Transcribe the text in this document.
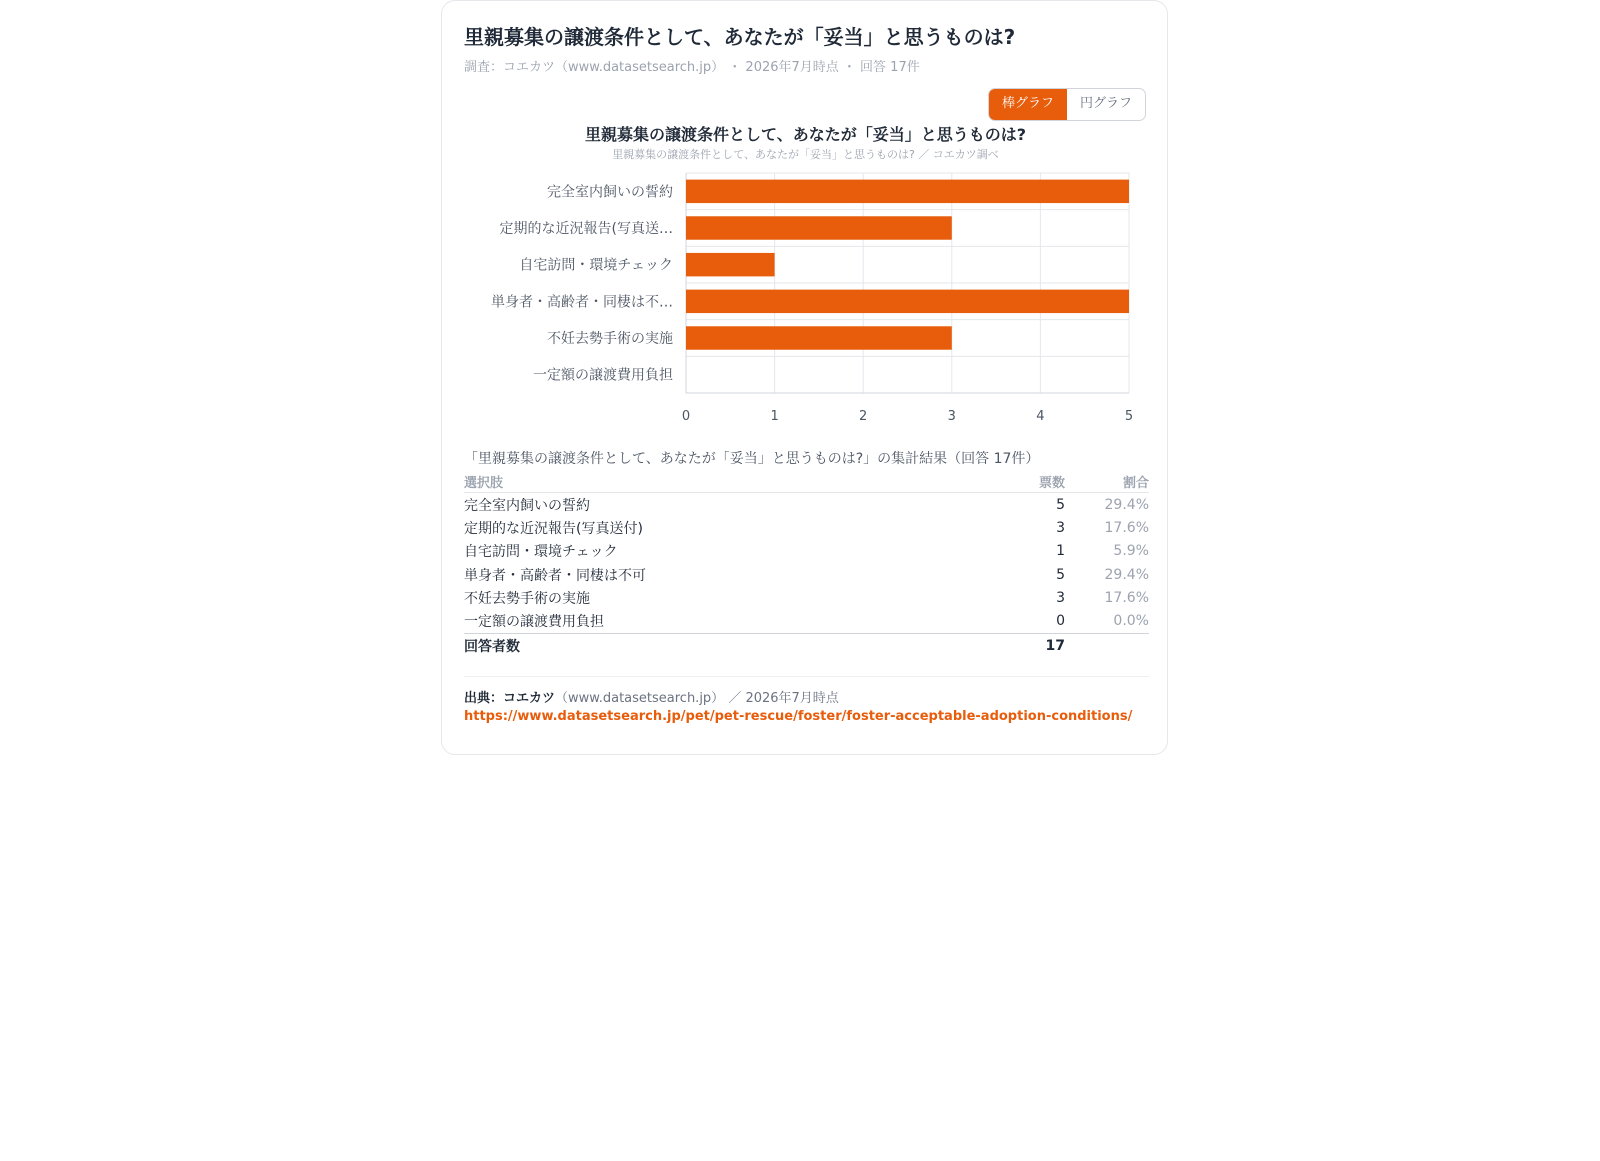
里親募集の譲渡条件として、あなたが「妥当」と思うものは?
調査：コエカツ（www.datasetsearch.jp） ・ 2026年7月時点 ・ 回答 17件
棒グラフ	円グラフ
里親募集の譲渡条件として、あなたが「妥当」と思うものは?
里親募集の譲渡条件として、あなたが「妥当」と思うものは? ／ コエカツ調べ
0	1	2	3	4	5
完全室内飼いの誓約
定期的な近況報告(写真送…
自宅訪問・環境チェック
単身者・高齢者・同棲は不…
不妊去勢手術の実施
一定額の譲渡費用負担
「里親募集の譲渡条件として、あなたが「妥当」と思うものは?」の集計結果（回答 17件）
選択肢	票数	割合
完全室内飼いの誓約	5	29.4%
定期的な近況報告(写真送付)	3	17.6%
自宅訪問・環境チェック	1	5.9%
単身者・高齢者・同棲は不可	5	29.4%
不妊去勢手術の実施	3	17.6%
一定額の譲渡費用負担	0	0.0%
回答者数	17	
出典：コエカツ（www.datasetsearch.jp） ／ 2026年7月時点
https://www.datasetsearch.jp/pet/pet-rescue/foster/foster-acceptable-adoption-conditions/
